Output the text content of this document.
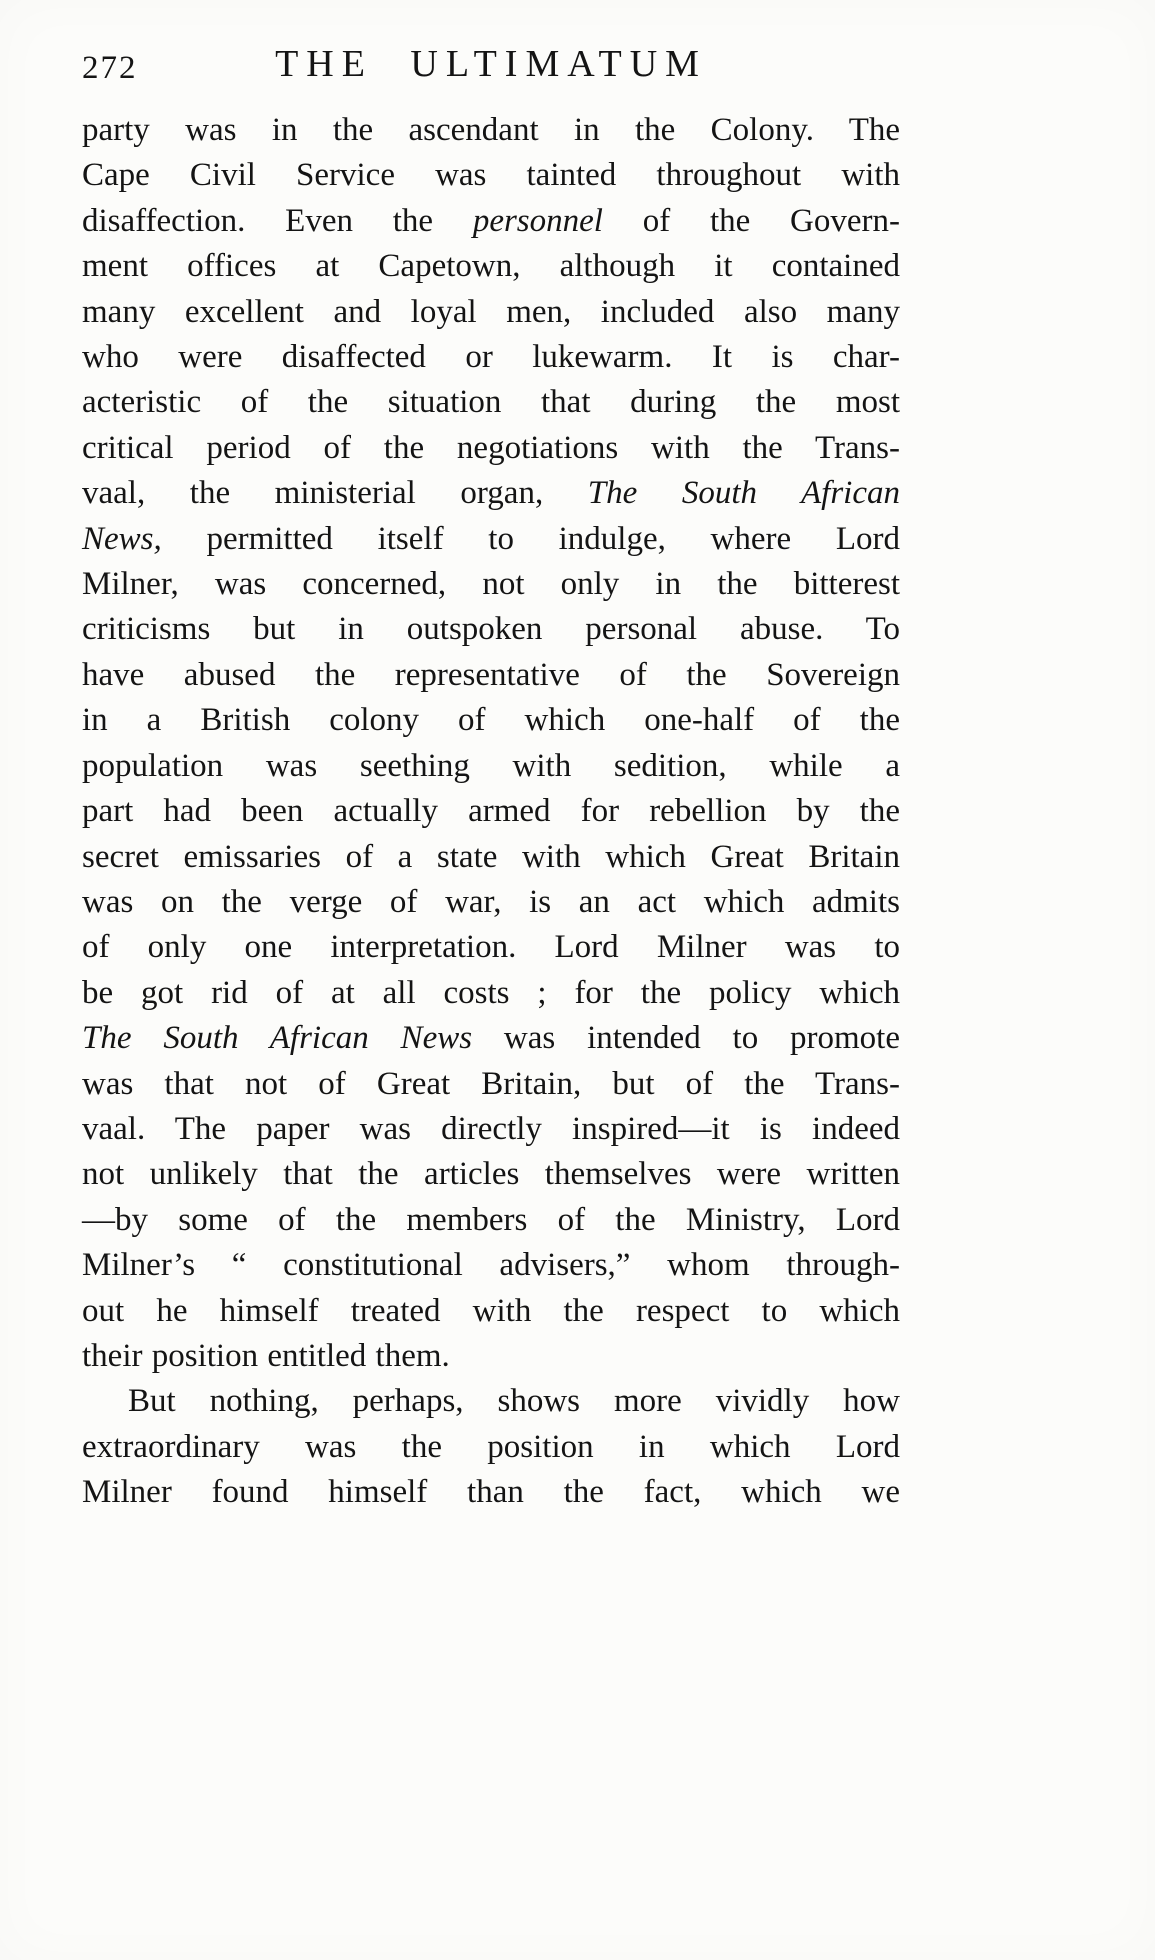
272	THE ULTIMATUM
party was in the ascendant in the Colony. The
Cape Civil Service was tainted throughout with
disaffection. Even the personnel of the Govern-
ment offices at Capetown, although it contained
many excellent and loyal men, included also many
who were disaffected or lukewarm. It is char-
acteristic of the situation that during the most
critical period of the negotiations with the Trans-
vaal, the ministerial organ, The South African
News, permitted itself to indulge, where Lord
Milner, was concerned, not only in the bitterest
criticisms but in outspoken personal abuse. To
have abused the representative of the Sovereign
in a British colony of which one-half of the
population was seething with sedition, while a
part had been actually armed for rebellion by the
secret emissaries of a state with which Great Britain
was on the verge of war, is an act which admits
of only one interpretation. Lord Milner was to
be got rid of at all costs ; for the policy which
The South African News was intended to promote
was that not of Great Britain, but of the Trans-
vaal. The paper was directly inspired—it is indeed
not unlikely that the articles themselves were written
—by some of the members of the Ministry, Lord
Milner’s “ constitutional advisers,” whom through-
out he himself treated with the respect to which
their position entitled them.
But nothing, perhaps, shows more vividly how
extraordinary was the position in which Lord
Milner found himself than the fact, which we
